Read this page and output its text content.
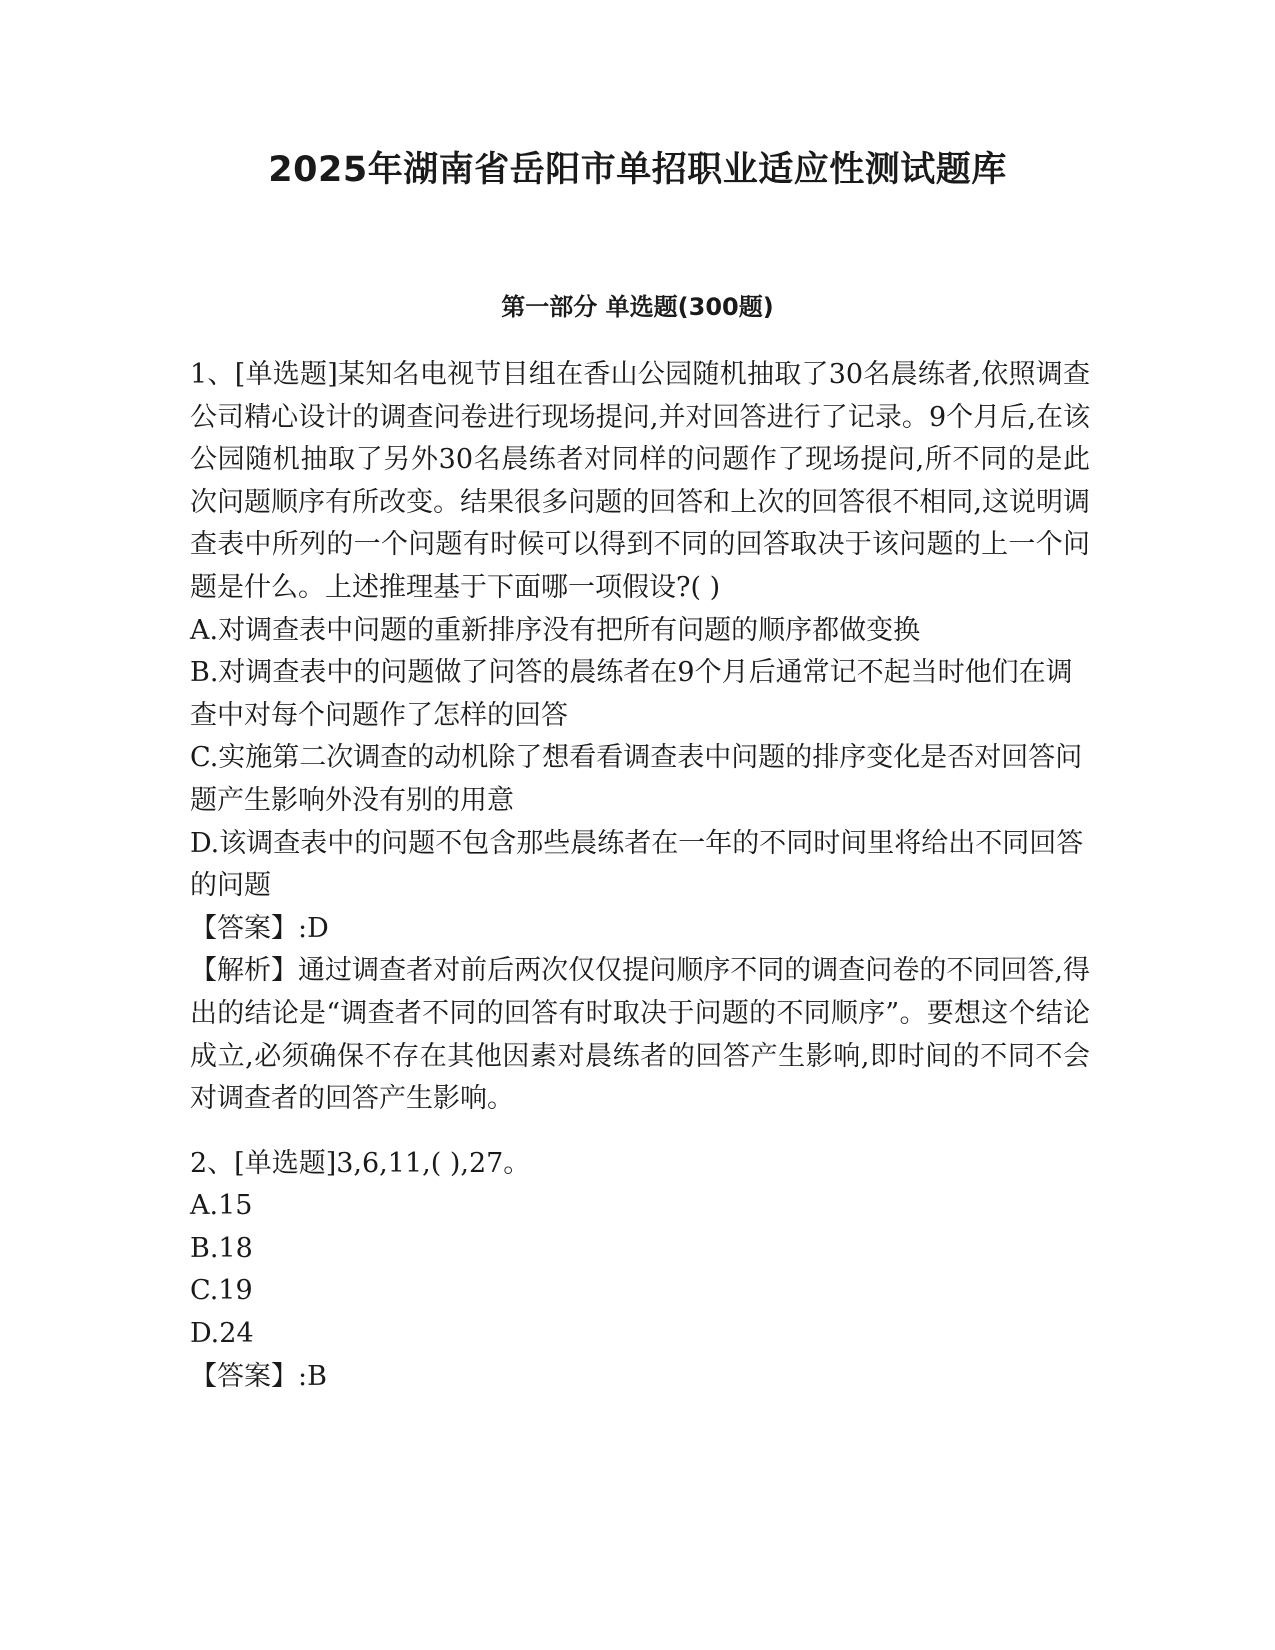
2025年湖南省岳阳市单招职业适应性测试题库
第一部分 单选题(300题)

1、[单选题]某知名电视节目组在香山公园随机抽取了30名晨练者,依照调查公司精心设计的调查问卷进行现场提问,并对回答进行了记录。9个月后,在该公园随机抽取了另外30名晨练者对同样的问题作了现场提问,所不同的是此次问题顺序有所改变。结果很多问题的回答和上次的回答很不相同,这说明调查表中所列的一个问题有时候可以得到不同的回答取决于该问题的上一个问题是什么。上述推理基于下面哪一项假设?( )

A.对调查表中问题的重新排序没有把所有问题的顺序都做变换

B.对调查表中的问题做了问答的晨练者在9个月后通常记不起当时他们在调查中对每个问题作了怎样的回答

C.实施第二次调查的动机除了想看看调查表中问题的排序变化是否对回答问题产生影响外没有别的用意

D.该调查表中的问题不包含那些晨练者在一年的不同时间里将给出不同回答的问题

【答案】:D

【解析】通过调查者对前后两次仅仅提问顺序不同的调查问卷的不同回答,得出的结论是“调查者不同的回答有时取决于问题的不同顺序”。要想这个结论成立,必须确保不存在其他因素对晨练者的回答产生影响,即时间的不同不会对调查者的回答产生影响。

2、[单选题]3,6,11,( ),27。

A.15

B.18

C.19

D.24

【答案】:B
